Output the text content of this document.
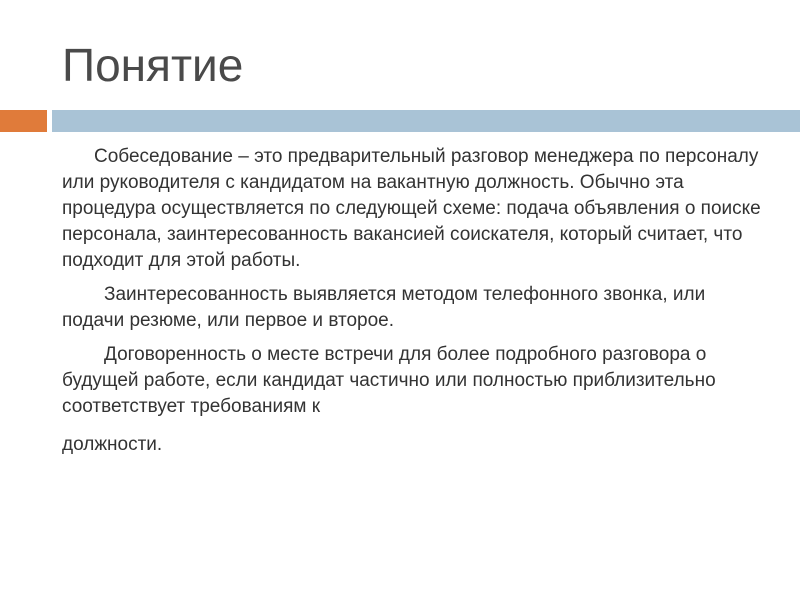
Понятие

Собеседование – это предварительный разговор менеджера по персоналу или руководителя с кандидатом на вакантную должность. Обычно эта процедура осуществляется по следующей схеме: подача объявления о поиске персонала, заинтересованность вакансией соискателя, который считает, что подходит для этой работы.

Заинтересованность выявляется методом телефонного звонка, или подачи резюме, или первое и второе.

Договоренность о месте встречи для более подробного разговора о будущей работе, если кандидат частично или полностью приблизительно соответствует требованиям к

должности.
